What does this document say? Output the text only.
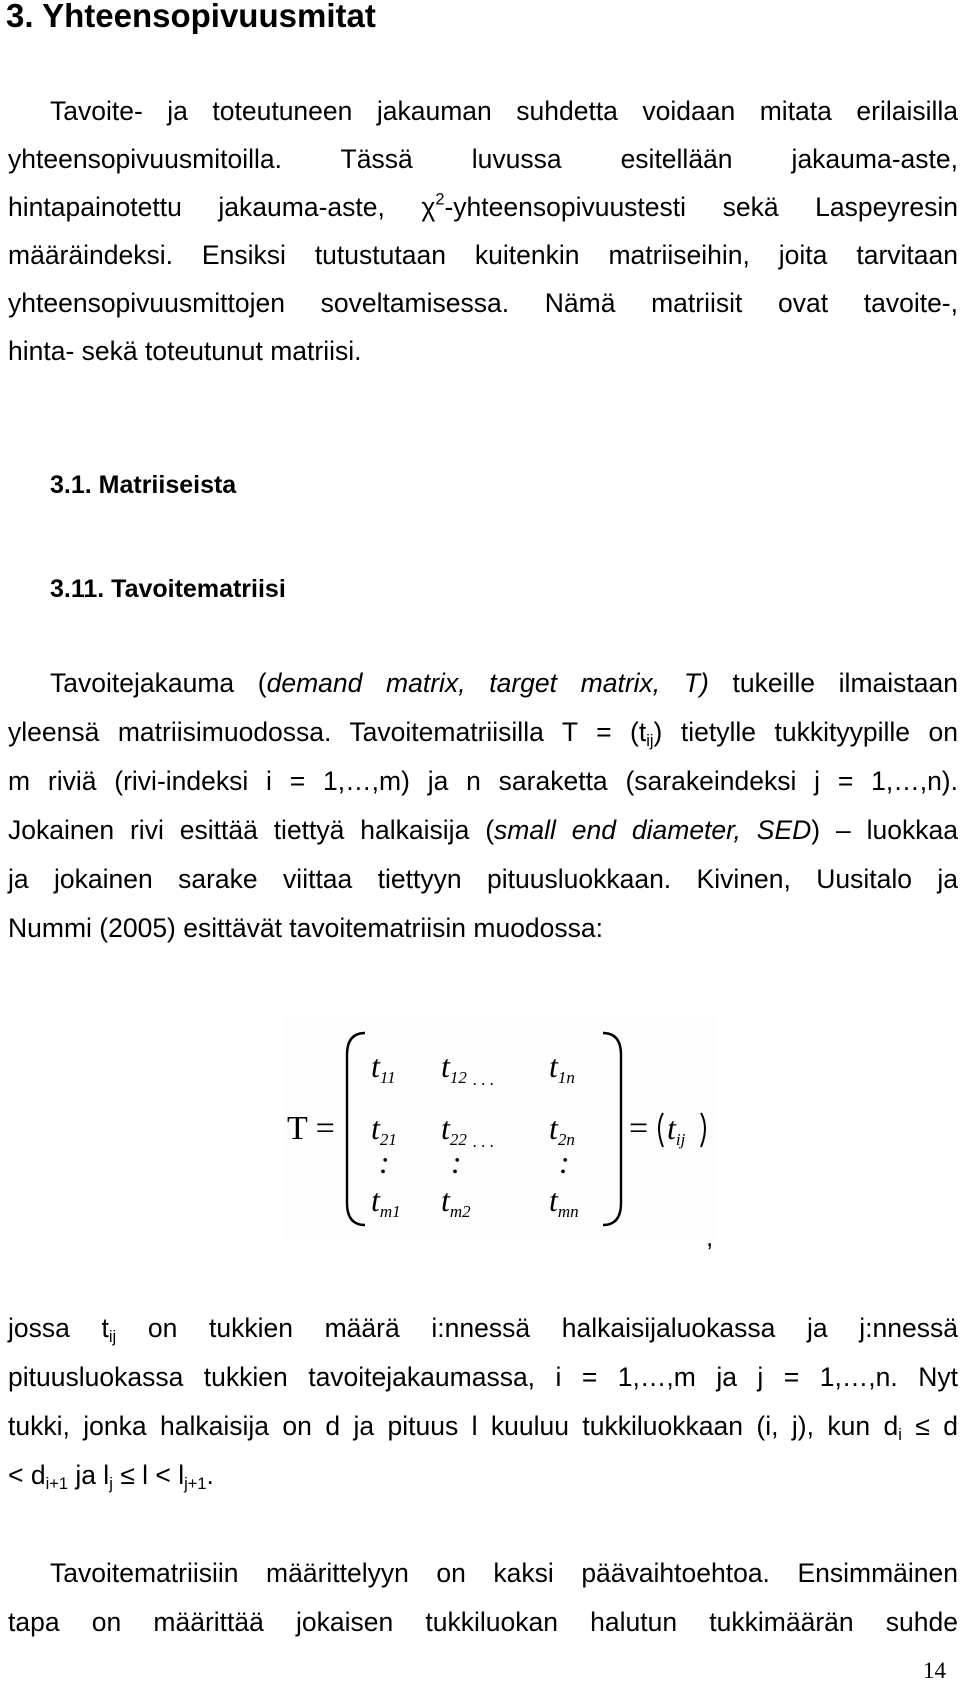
3. Yhteensopivuusmitat
Tavoite- ja toteutuneen jakauman suhdetta voidaan mitata erilaisilla
yhteensopivuusmitoilla. Tässä luvussa esitellään jakauma-aste,
hintapainotettu jakauma-aste, $\chi^2$-yhteensopivuustesti sekä Laspeyresin
määräindeksi. Ensiksi tutustutaan kuitenkin matriiseihin, joita tarvitaan
yhteensopivuusmittojen soveltamisessa. Nämä matriisit ovat tavoite-,
hinta- sekä toteutunut matriisi.
3.1. Matriiseista
3.11. Tavoitematriisi
Tavoitejakauma (demand matrix, target matrix, T) tukeille ilmaistaan
yleensä matriisimuodossa. Tavoitematriisilla $T = (t_{ij})$ tietylle tukkityypille on
m riviä (rivi-indeksi i = 1,…,m) ja n saraketta (sarakeindeksi j = 1,…,n).
Jokainen rivi esittää tiettyä halkaisija (small end diameter, SED) – luokkaa
ja jokainen sarake viittaa tiettyyn pituusluokkaan. Kivinen, Uusitalo ja
Nummi (2005) esittävät tavoitematriisin muodossa:
T =
t11 t12 . . . t1n
t21 t22 . . . t2n
: :	:
tm1 tm2 tmn
= tij
,
jossa $t_{ij}$ on tukkien määrä i:nnessä halkaisijaluokassa ja j:nnessä
pituusluokassa tukkien tavoitejakaumassa, i = 1,…,m ja j = 1,…,n. Nyt
tukki, jonka halkaisija on d ja pituus l kuuluu tukkiluokkaan (i, j), kun $d_i \le d$
< $d_{i+1}$ ja $l_j \le l < l_{j+1}$.
Tavoitematriisiin määrittelyyn on kaksi päävaihtoehtoa. Ensimmäinen
tapa on määrittää jokaisen tukkiluokan halutun tukkimäärän suhde
14
